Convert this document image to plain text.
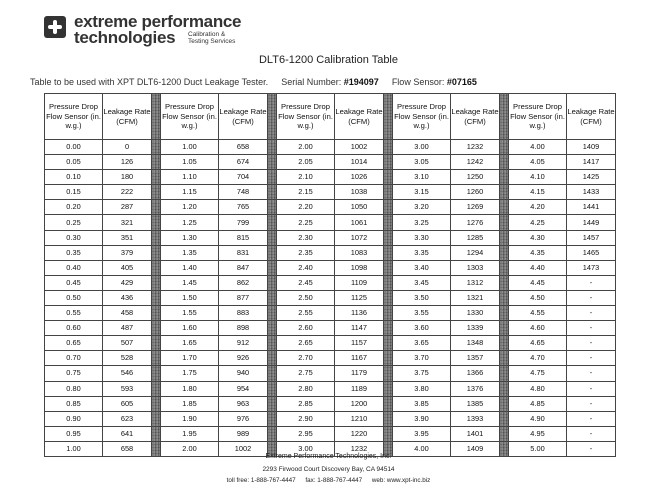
extreme performance
technologies Calibration &
Testing Services
DLT6-1200 Calibration Table
Table to be used with XPT DLT6-1200 Duct Leakage Tester. Serial Number: #194097 Flow Sensor: #07165
Pressure Drop Flow Sensor (in. w.g.)	Leakage Rate (CFM)		Pressure Drop Flow Sensor (in. w.g.)	Leakage Rate (CFM)		Pressure Drop Flow Sensor (in. w.g.)	Leakage Rate (CFM)		Pressure Drop Flow Sensor (in. w.g.)	Leakage Rate (CFM)		Pressure Drop Flow Sensor (in. w.g.)	Leakage Rate (CFM)
0.00	0		1.00	658		2.00	1002		3.00	1232		4.00	1409
0.05	126		1.05	674		2.05	1014		3.05	1242		4.05	1417
0.10	180		1.10	704		2.10	1026		3.10	1250		4.10	1425
0.15	222		1.15	748		2.15	1038		3.15	1260		4.15	1433
0.20	287		1.20	765		2.20	1050		3.20	1269		4.20	1441
0.25	321		1.25	799		2.25	1061		3.25	1276		4.25	1449
0.30	351		1.30	815		2.30	1072		3.30	1285		4.30	1457
0.35	379		1.35	831		2.35	1083		3.35	1294		4.35	1465
0.40	405		1.40	847		2.40	1098		3.40	1303		4.40	1473
0.45	429		1.45	862		2.45	1109		3.45	1312		4.45	-
0.50	436		1.50	877		2.50	1125		3.50	1321		4.50	-
0.55	458		1.55	883		2.55	1136		3.55	1330		4.55	-
0.60	487		1.60	898		2.60	1147		3.60	1339		4.60	-
0.65	507		1.65	912		2.65	1157		3.65	1348		4.65	-
0.70	528		1.70	926		2.70	1167		3.70	1357		4.70	-
0.75	546		1.75	940		2.75	1179		3.75	1366		4.75	-
0.80	593		1.80	954		2.80	1189		3.80	1376		4.80	-
0.85	605		1.85	963		2.85	1200		3.85	1385		4.85	-
0.90	623		1.90	976		2.90	1210		3.90	1393		4.90	-
0.95	641		1.95	989		2.95	1220		3.95	1401		4.95	-
1.00	658		2.00	1002		3.00	1232		4.00	1409		5.00	-
Extreme Performance Technologies, Inc.
2293 Firwood Court Discovery Bay, CA 94514
toll free: 1-888-767-4447 fax: 1-888-767-4447 web: www.xpt-inc.biz
